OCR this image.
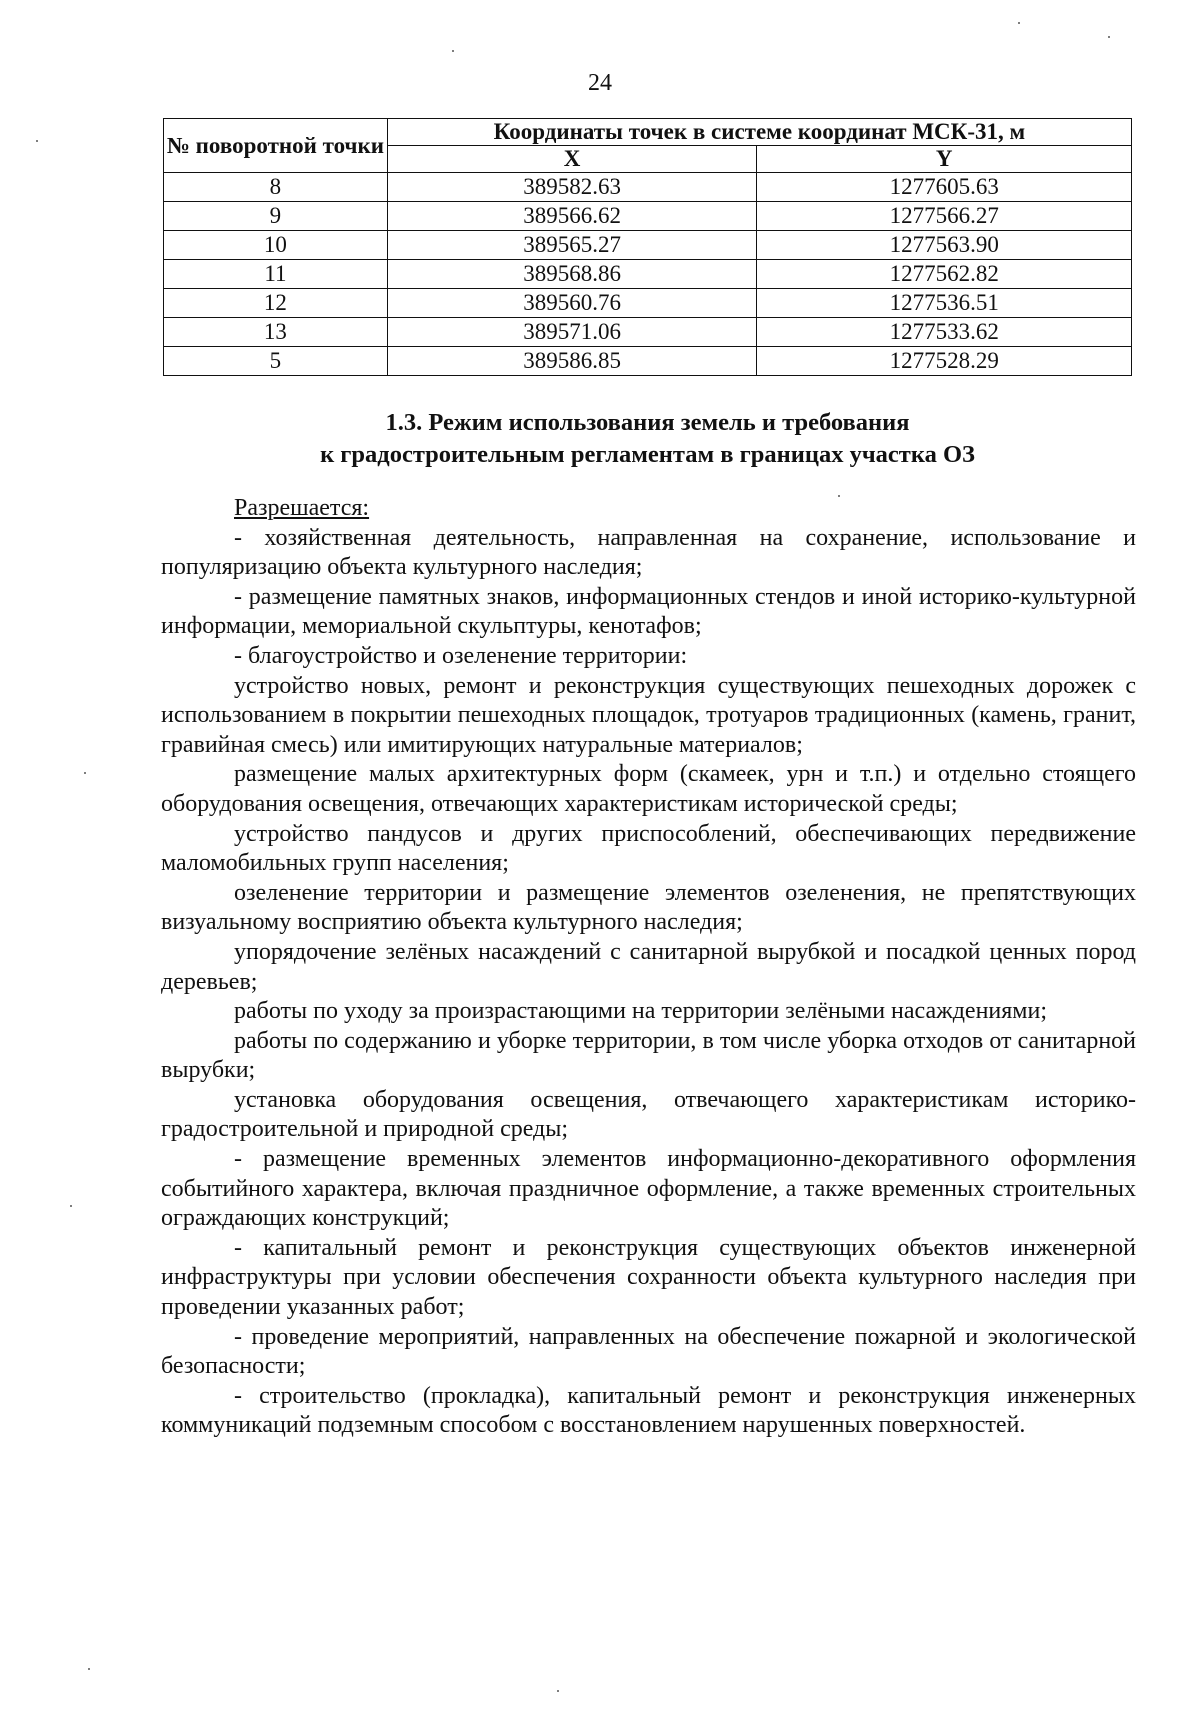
24
№ поворотной точки	Координаты точек в системе координат МСК-31, м	
	X	Y
8	389582.63	1277605.63
9	389566.62	1277566.27
10	389565.27	1277563.90
11	389568.86	1277562.82
12	389560.76	1277536.51
13	389571.06	1277533.62
5	389586.85	1277528.29
1.3. Режим использования земель и требования
к градостроительным регламентам в границах участка ОЗ

Разрешается:

- хозяйственная деятельность, направленная на сохранение, использование и популяризацию объекта культурного наследия;

- размещение памятных знаков, информационных стендов и иной историко-культурной информации, мемориальной скульптуры, кенотафов;

- благоустройство и озеленение территории:

устройство новых, ремонт и реконструкция существующих пешеходных дорожек с использованием в покрытии пешеходных площадок, тротуаров традиционных (камень, гранит, гравийная смесь) или имитирующих натуральные материалов;

размещение малых архитектурных форм (скамеек, урн и т.п.) и отдельно стоящего оборудования освещения, отвечающих характеристикам исторической среды;

устройство пандусов и других приспособлений, обеспечивающих передвижение маломобильных групп населения;

озеленение территории и размещение элементов озеленения, не препятствующих визуальному восприятию объекта культурного наследия;

упорядочение зелёных насаждений с санитарной вырубкой и посадкой ценных пород деревьев;

работы по уходу за произрастающими на территории зелёными насаждениями;

работы по содержанию и уборке территории, в том числе уборка отходов от санитарной вырубки;

установка оборудования освещения, отвечающего характеристикам историко-градостроительной и природной среды;

- размещение временных элементов информационно-декоративного оформления событийного характера, включая праздничное оформление, а также временных строительных ограждающих конструкций;

- капитальный ремонт и реконструкция существующих объектов инженерной инфраструктуры при условии обеспечения сохранности объекта культурного наследия при проведении указанных работ;

- проведение мероприятий, направленных на обеспечение пожарной и экологической безопасности;

- строительство (прокладка), капитальный ремонт и реконструкция инженерных коммуникаций подземным способом с восстановлением нарушенных поверхностей.
